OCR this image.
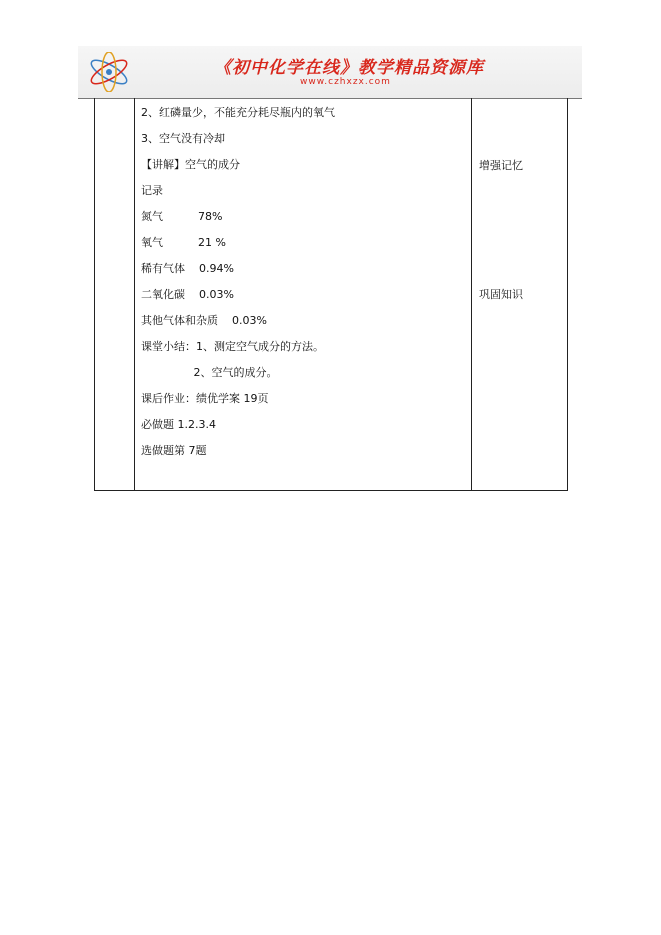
《初中化学在线》教学精品资源库
www.czhxzx.com
2、红磷量少，不能充分耗尽瓶内的氧气
3、空气没有冷却
【讲解】空气的成分
记录
氮气          78%
氧气          21 %
稀有气体    0.94%
二氧化碳    0.03%
其他气体和杂质    0.03%
课堂小结：1、测定空气成分的方法。
2、空气的成分。
课后作业：绩优学案 19页
必做题 1.2.3.4
选做题第 7题
增强记忆
巩固知识
